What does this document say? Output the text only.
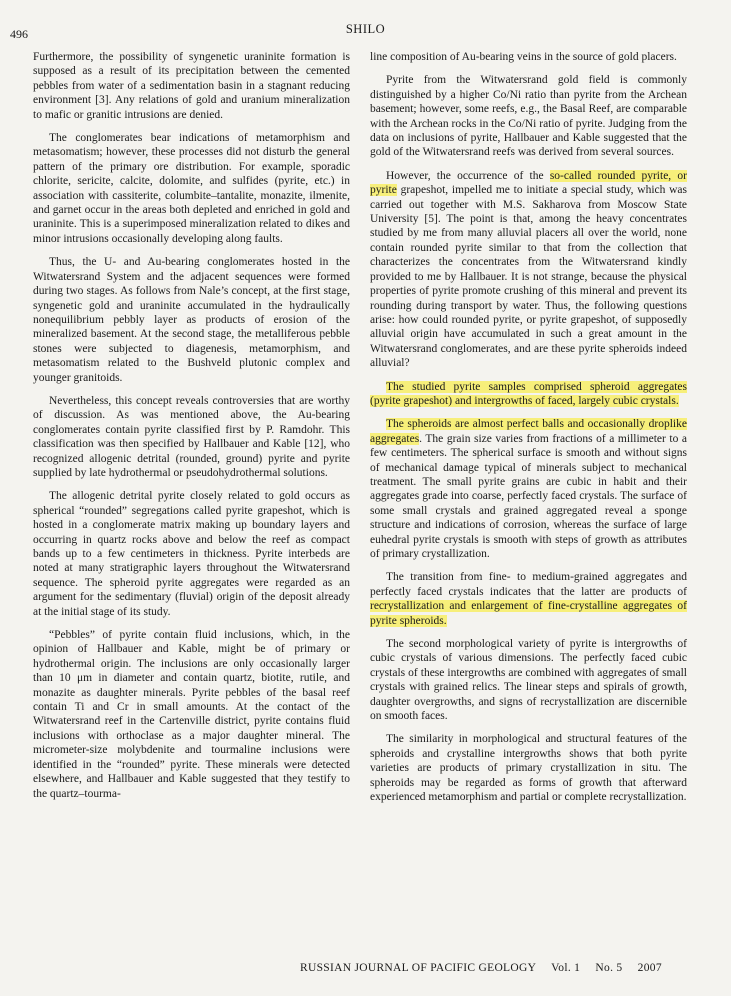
496	SHILO

Furthermore, the possibility of syngenetic uraninite formation is supposed as a result of its precipitation between the cemented pebbles from water of a sedimentation basin in a stagnant reducing environment [3]. Any relations of gold and uranium mineralization to mafic or granitic intrusions are denied.

The conglomerates bear indications of metamorphism and metasomatism; however, these processes did not disturb the general pattern of the primary ore distribution. For example, sporadic chlorite, sericite, calcite, dolomite, and sulfides (pyrite, etc.) in association with cassiterite, columbite–tantalite, monazite, ilmenite, and garnet occur in the areas both depleted and enriched in gold and uraninite. This is a superimposed mineralization related to dikes and minor intrusions occasionally developing along faults.

Thus, the U- and Au-bearing conglomerates hosted in the Witwatersrand System and the adjacent sequences were formed during two stages. As follows from Nale’s concept, at the first stage, syngenetic gold and uraninite accumulated in the hydraulically nonequilibrium pebbly layer as products of erosion of the mineralized basement. At the second stage, the metalliferous pebble stones were subjected to diagenesis, metamorphism, and metasomatism related to the Bushveld plutonic complex and younger granitoids.

Nevertheless, this concept reveals controversies that are worthy of discussion. As was mentioned above, the Au-bearing conglomerates contain pyrite classified first by P. Ramdohr. This classification was then specified by Hallbauer and Kable [12], who recognized allogenic detrital (rounded, ground) pyrite and pyrite supplied by late hydrothermal or pseudohydrothermal solutions.

The allogenic detrital pyrite closely related to gold occurs as spherical “rounded” segregations called pyrite grapeshot, which is hosted in a conglomerate matrix making up boundary layers and occurring in quartz rocks above and below the reef as compact bands up to a few centimeters in thickness. Pyrite interbeds are noted at many stratigraphic layers throughout the Witwatersrand sequence. The spheroid pyrite aggregates were regarded as an argument for the sedimentary (fluvial) origin of the deposit already at the initial stage of its study.

“Pebbles” of pyrite contain fluid inclusions, which, in the opinion of Hallbauer and Kable, might be of primary or hydrothermal origin. The inclusions are only occasionally larger than 10 μm in diameter and contain quartz, biotite, rutile, and monazite as daughter minerals. Pyrite pebbles of the basal reef contain Ti and Cr in small amounts. At the contact of the Witwatersrand reef in the Cartenville district, pyrite contains fluid inclusions with orthoclase as a major daughter mineral. The micrometer-size molybdenite and tourmaline inclusions were identified in the “rounded” pyrite. These minerals were detected elsewhere, and Hallbauer and Kable suggested that they testify to the quartz–tourma-

line composition of Au-bearing veins in the source of gold placers.

Pyrite from the Witwatersrand gold field is commonly distinguished by a higher Co/Ni ratio than pyrite from the Archean basement; however, some reefs, e.g., the Basal Reef, are comparable with the Archean rocks in the Co/Ni ratio of pyrite. Judging from the data on inclusions of pyrite, Hallbauer and Kable suggested that the gold of the Witwatersrand reefs was derived from several sources.

However, the occurrence of the so-called rounded pyrite, or pyrite grapeshot, impelled me to initiate a special study, which was carried out together with M.S. Sakharova from Moscow State University [5]. The point is that, among the heavy concentrates studied by me from many alluvial placers all over the world, none contain rounded pyrite similar to that from the collection that characterizes the concentrates from the Witwatersrand kindly provided to me by Hallbauer. It is not strange, because the physical properties of pyrite promote crushing of this mineral and prevent its rounding during transport by water. Thus, the following questions arise: how could rounded pyrite, or pyrite grapeshot, of supposedly alluvial origin have accumulated in such a great amount in the Witwatersrand conglomerates, and are these pyrite spheroids indeed alluvial?

The studied pyrite samples comprised spheroid aggregates (pyrite grapeshot) and intergrowths of faced, largely cubic crystals.

The spheroids are almost perfect balls and occasionally droplike aggregates. The grain size varies from fractions of a millimeter to a few centimeters. The spherical surface is smooth and without signs of mechanical damage typical of minerals subject to mechanical treatment. The small pyrite grains are cubic in habit and their aggregates grade into coarse, perfectly faced crystals. The surface of some small crystals and grained aggregated reveal a sponge structure and indications of corrosion, whereas the surface of large euhedral pyrite crystals is smooth with steps of growth as attributes of primary crystallization.

The transition from fine- to medium-grained aggregates and perfectly faced crystals indicates that the latter are products of recrystallization and enlargement of fine-crystalline aggregates of pyrite spheroids.

The second morphological variety of pyrite is intergrowths of cubic crystals of various dimensions. The perfectly faced cubic crystals of these intergrowths are combined with aggregates of small crystals with grained relics. The linear steps and spirals of growth, daughter overgrowths, and signs of recrystallization are discernible on smooth faces.

The similarity in morphological and structural features of the spheroids and crystalline intergrowths shows that both pyrite varieties are products of primary crystallization in situ. The spheroids may be regarded as forms of growth that afterward experienced metamorphism and partial or complete recrystallization.

RUSSIAN JOURNAL OF PACIFIC GEOLOGY Vol. 1 No. 5 2007
